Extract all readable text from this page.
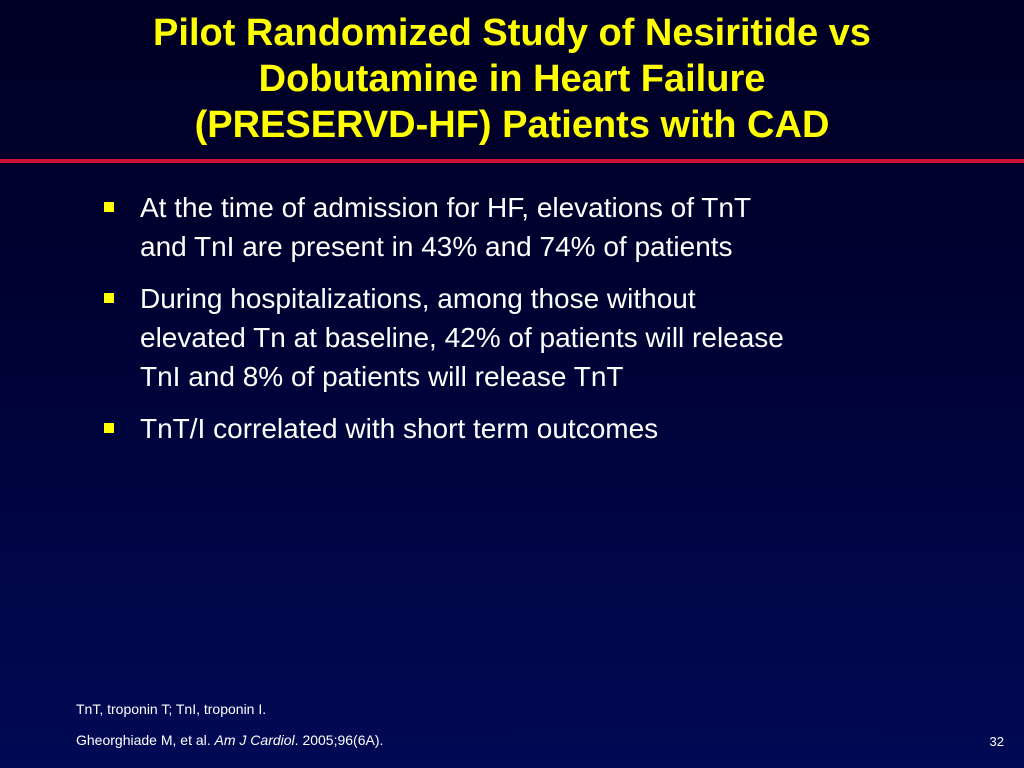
Pilot Randomized Study of Nesiritide vs
Dobutamine in Heart Failure
(PRESERVD-HF) Patients with CAD
At the time of admission for HF, elevations of TnT
and TnI are present in 43% and 74% of patients
During hospitalizations, among those without
elevated Tn at baseline, 42% of patients will release
TnI and 8% of patients will release TnT
TnT/I correlated with short term outcomes

TnT, troponin T; TnI, troponin I.

Gheorghiade M, et al. Am J Cardiol. 2005;96(6A).	32
